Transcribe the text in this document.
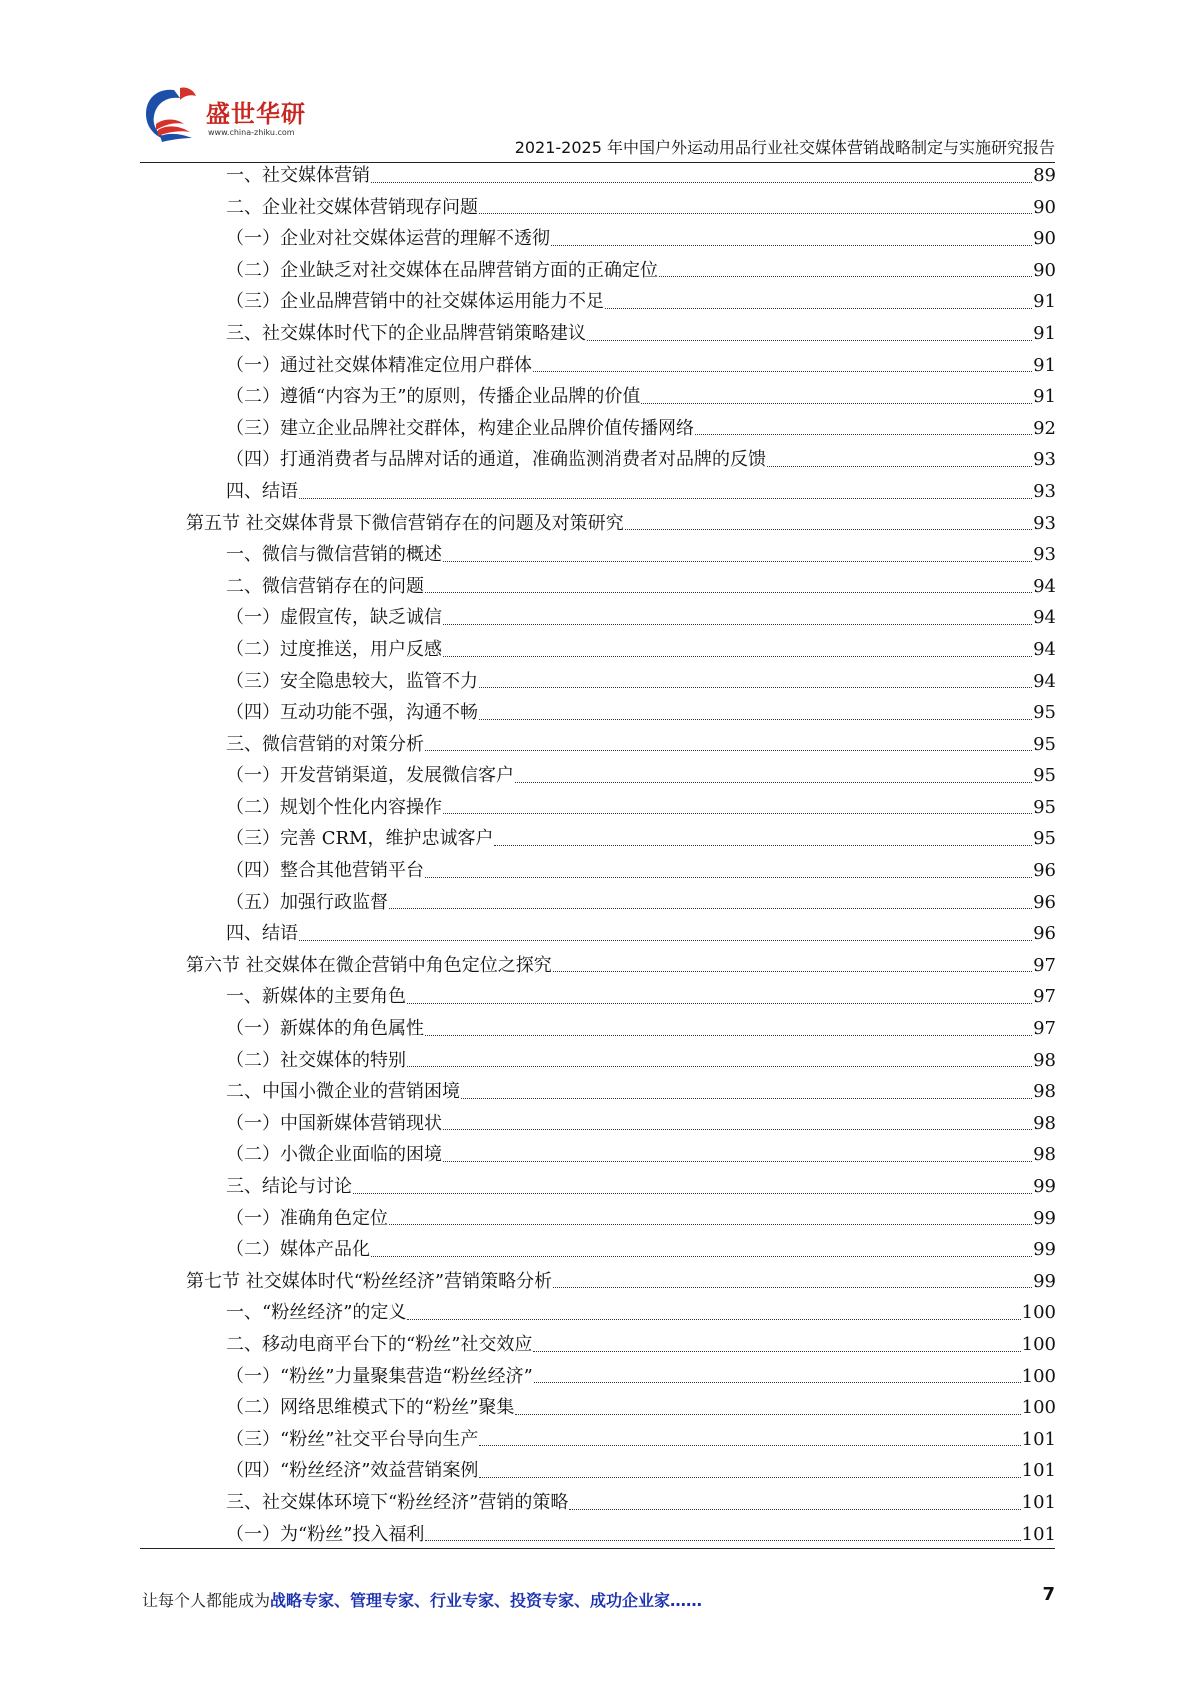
盛世华研
www.china-zhiku.com
2021-2025 年中国户外运动用品行业社交媒体营销战略制定与实施研究报告
一、社交媒体营销	89
二、企业社交媒体营销现存问题	90
（一）企业对社交媒体运营的理解不透彻	90
（二）企业缺乏对社交媒体在品牌营销方面的正确定位	90
（三）企业品牌营销中的社交媒体运用能力不足	91
三、社交媒体时代下的企业品牌营销策略建议	91
（一）通过社交媒体精准定位用户群体	91
（二）遵循“内容为王”的原则，传播企业品牌的价值	91
（三）建立企业品牌社交群体，构建企业品牌价值传播网络	92
（四）打通消费者与品牌对话的通道，准确监测消费者对品牌的反馈	93
四、结语	93
第五节 社交媒体背景下微信营销存在的问题及对策研究	93
一、微信与微信营销的概述	93
二、微信营销存在的问题	94
（一）虚假宣传，缺乏诚信	94
（二）过度推送，用户反感	94
（三）安全隐患较大，监管不力	94
（四）互动功能不强，沟通不畅	95
三、微信营销的对策分析	95
（一）开发营销渠道，发展微信客户	95
（二）规划个性化内容操作	95
（三）完善 CRM，维护忠诚客户	95
（四）整合其他营销平台	96
（五）加强行政监督	96
四、结语	96
第六节 社交媒体在微企营销中角色定位之探究	97
一、新媒体的主要角色	97
（一）新媒体的角色属性	97
（二）社交媒体的特别	98
二、中国小微企业的营销困境	98
（一）中国新媒体营销现状	98
（二）小微企业面临的困境	98
三、结论与讨论	99
（一）准确角色定位	99
（二）媒体产品化	99
第七节 社交媒体时代“粉丝经济”营销策略分析	99
一、“粉丝经济”的定义	100
二、移动电商平台下的“粉丝”社交效应	100
（一）“粉丝”力量聚集营造“粉丝经济”	100
（二）网络思维模式下的“粉丝”聚集	100
（三）“粉丝”社交平台导向生产	101
（四）“粉丝经济”效益营销案例	101
三、社交媒体环境下“粉丝经济”营销的策略	101
（一）为“粉丝”投入福利	101
让每个人都能成为战略专家、管理专家、行业专家、投资专家、成功企业家……	7
